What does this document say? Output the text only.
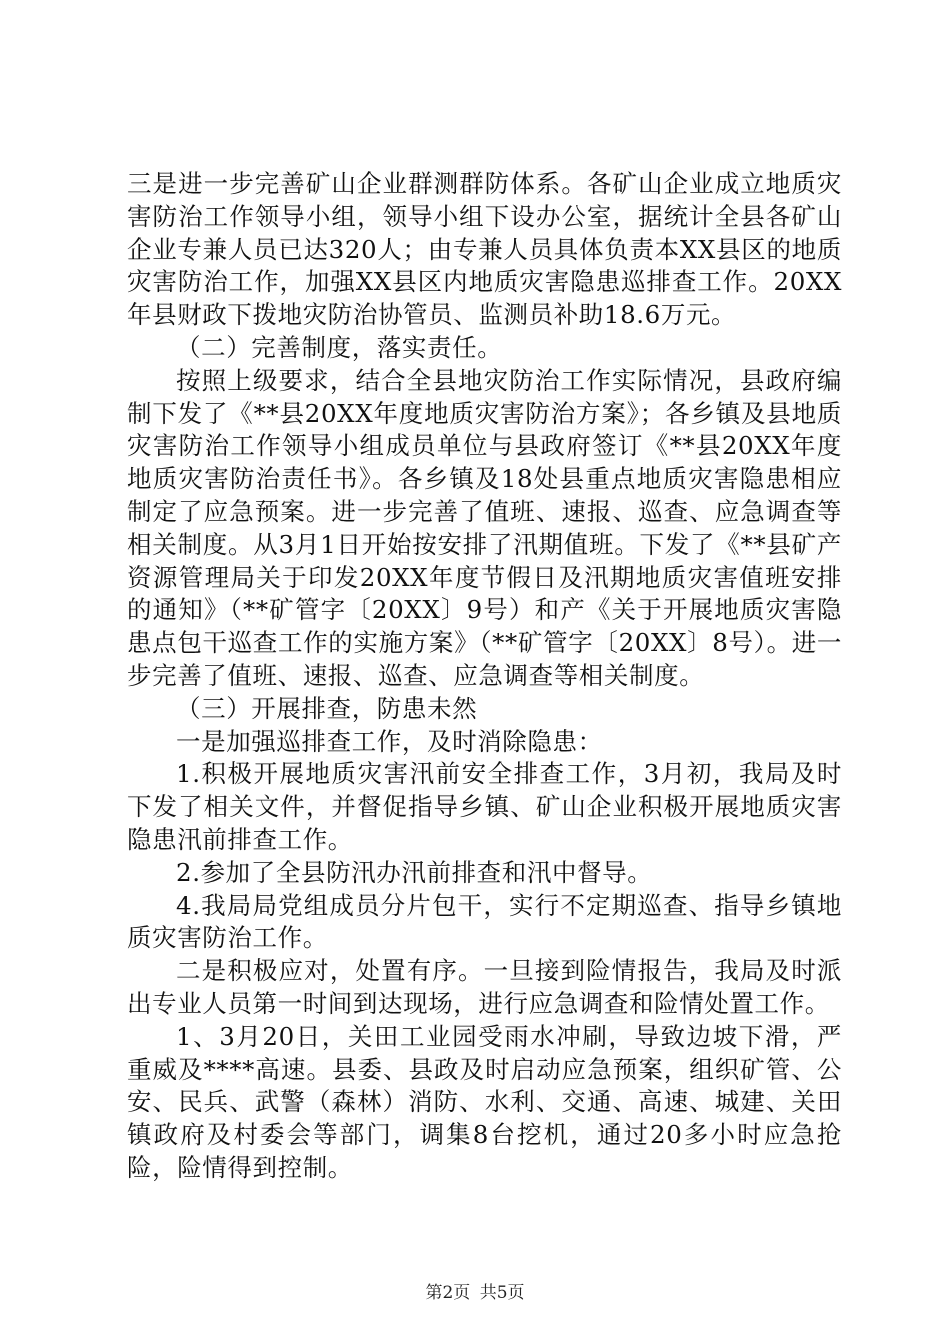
三是进一步完善矿山企业群测群防体系。各矿山企业成立地质灾害防治工作领导小组，领导小组下设办公室，据统计全县各矿山企业专兼人员已达320人；由专兼人员具体负责本XX县区的地质灾害防治工作，加强XX县区内地质灾害隐患巡排查工作。20XX年县财政下拨地灾防治协管员、监测员补助18.6万元。

（二）完善制度，落实责任。

按照上级要求，结合全县地灾防治工作实际情况，县政府编制下发了《**县20XX年度地质灾害防治方案》；各乡镇及县地质灾害防治工作领导小组成员单位与县政府签订《**县20XX年度地质灾害防治责任书》。各乡镇及18处县重点地质灾害隐患相应制定了应急预案。进一步完善了值班、速报、巡查、应急调查等相关制度。从3月1日开始按安排了汛期值班。下发了《**县矿产资源管理局关于印发20XX年度节假日及汛期地质灾害值班安排的通知》（**矿管字〔20XX〕9号）和产《关于开展地质灾害隐患点包干巡查工作的实施方案》（**矿管字〔20XX〕8号）。进一步完善了值班、速报、巡查、应急调查等相关制度。

（三）开展排查，防患未然

一是加强巡排查工作，及时消除隐患：

1.积极开展地质灾害汛前安全排查工作，3月初，我局及时下发了相关文件，并督促指导乡镇、矿山企业积极开展地质灾害隐患汛前排查工作。

2.参加了全县防汛办汛前排查和汛中督导。

4.我局局党组成员分片包干，实行不定期巡查、指导乡镇地质灾害防治工作。

二是积极应对，处置有序。一旦接到险情报告，我局及时派出专业人员第一时间到达现场，进行应急调查和险情处置工作。

1、3月20日，关田工业园受雨水冲刷，导致边坡下滑，严重威及****高速。县委、县政及时启动应急预案，组织矿管、公安、民兵、武警（森林）消防、水利、交通、高速、城建、关田镇政府及村委会等部门，调集8台挖机，通过20多小时应急抢险，险情得到控制。

第2页 共5页
